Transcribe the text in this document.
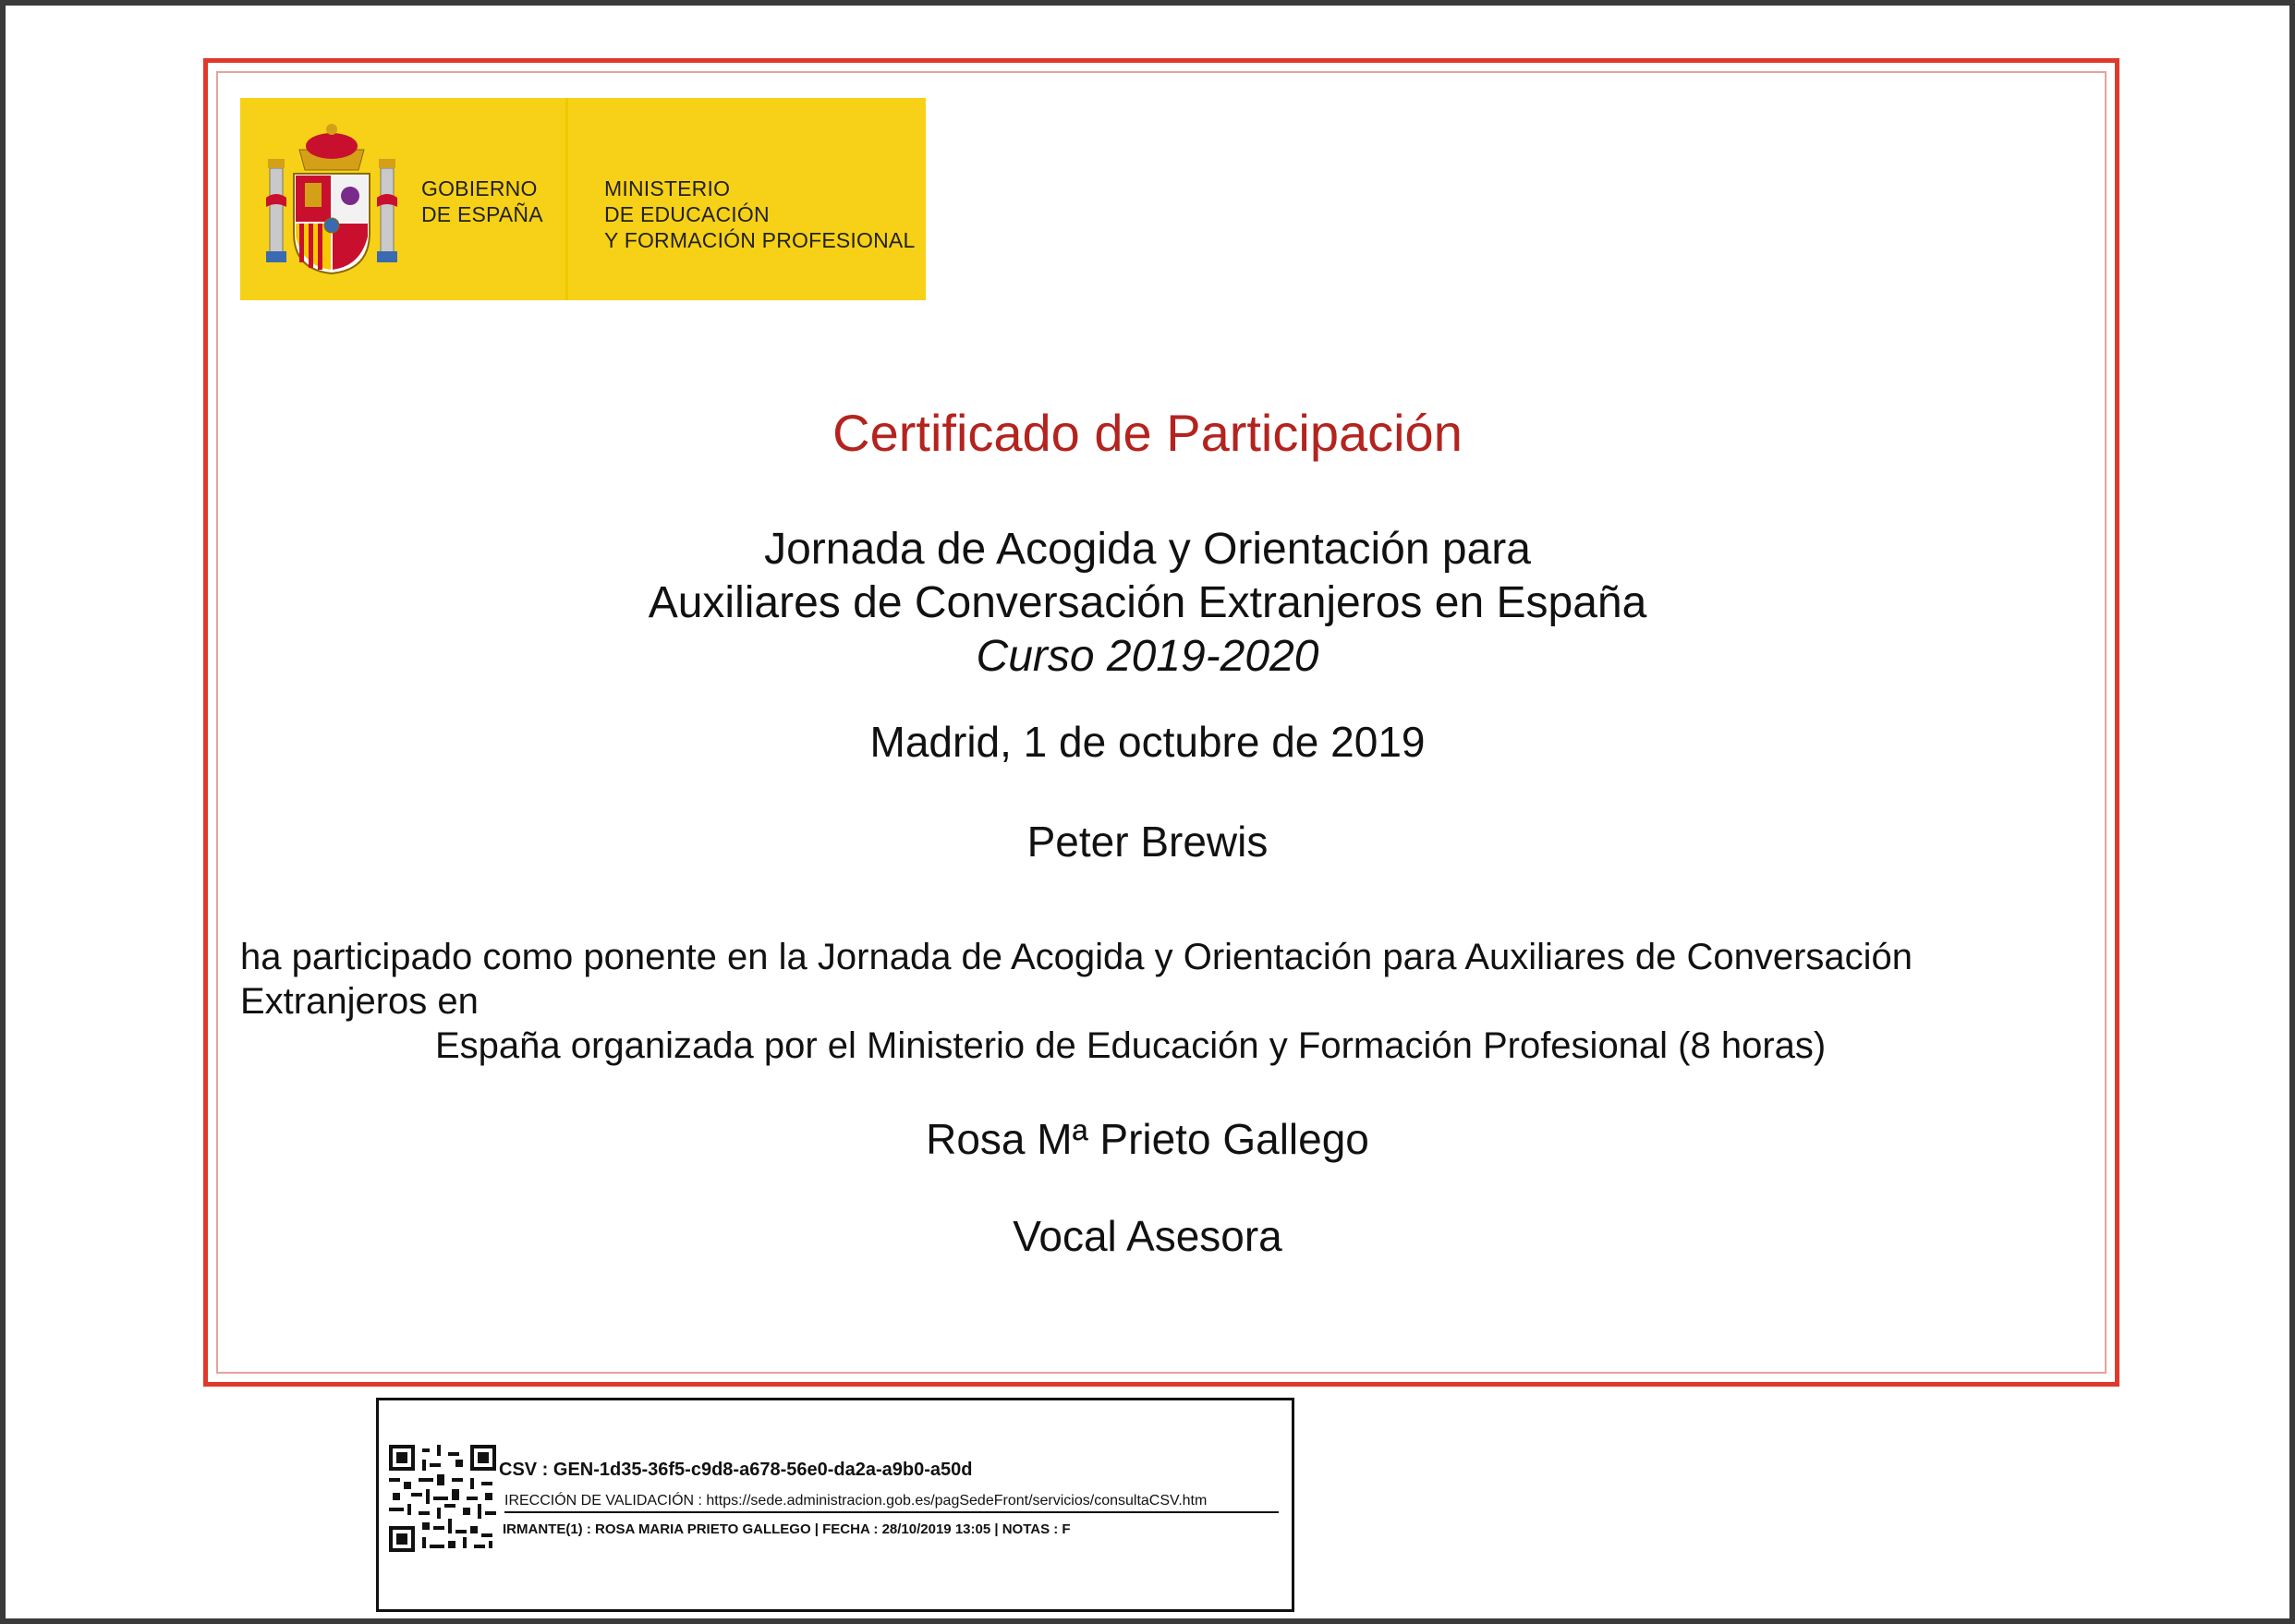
GOBIERNO
DE ESPAÑA
MINISTERIO
DE EDUCACIÓN
Y FORMACIÓN PROFESIONAL
Certificado de Participación
Jornada de Acogida y Orientación para
Auxiliares de Conversación Extranjeros en España
Curso 2019-2020
Madrid, 1 de octubre de 2019
Peter Brewis
ha participado como ponente en la Jornada de Acogida y Orientación para Auxiliares de Conversación
Extranjeros en
España organizada por el Ministerio de Educación y Formación Profesional (8 horas)
Rosa Mª Prieto Gallego
Vocal Asesora
CSV : GEN-1d35-36f5-c9d8-a678-56e0-da2a-a9b0-a50d
IRECCIÓN DE VALIDACIÓN : https://sede.administracion.gob.es/pagSedeFront/servicios/consultaCSV.htm
IRMANTE(1) : ROSA MARIA PRIETO GALLEGO | FECHA : 28/10/2019 13:05 | NOTAS : F
